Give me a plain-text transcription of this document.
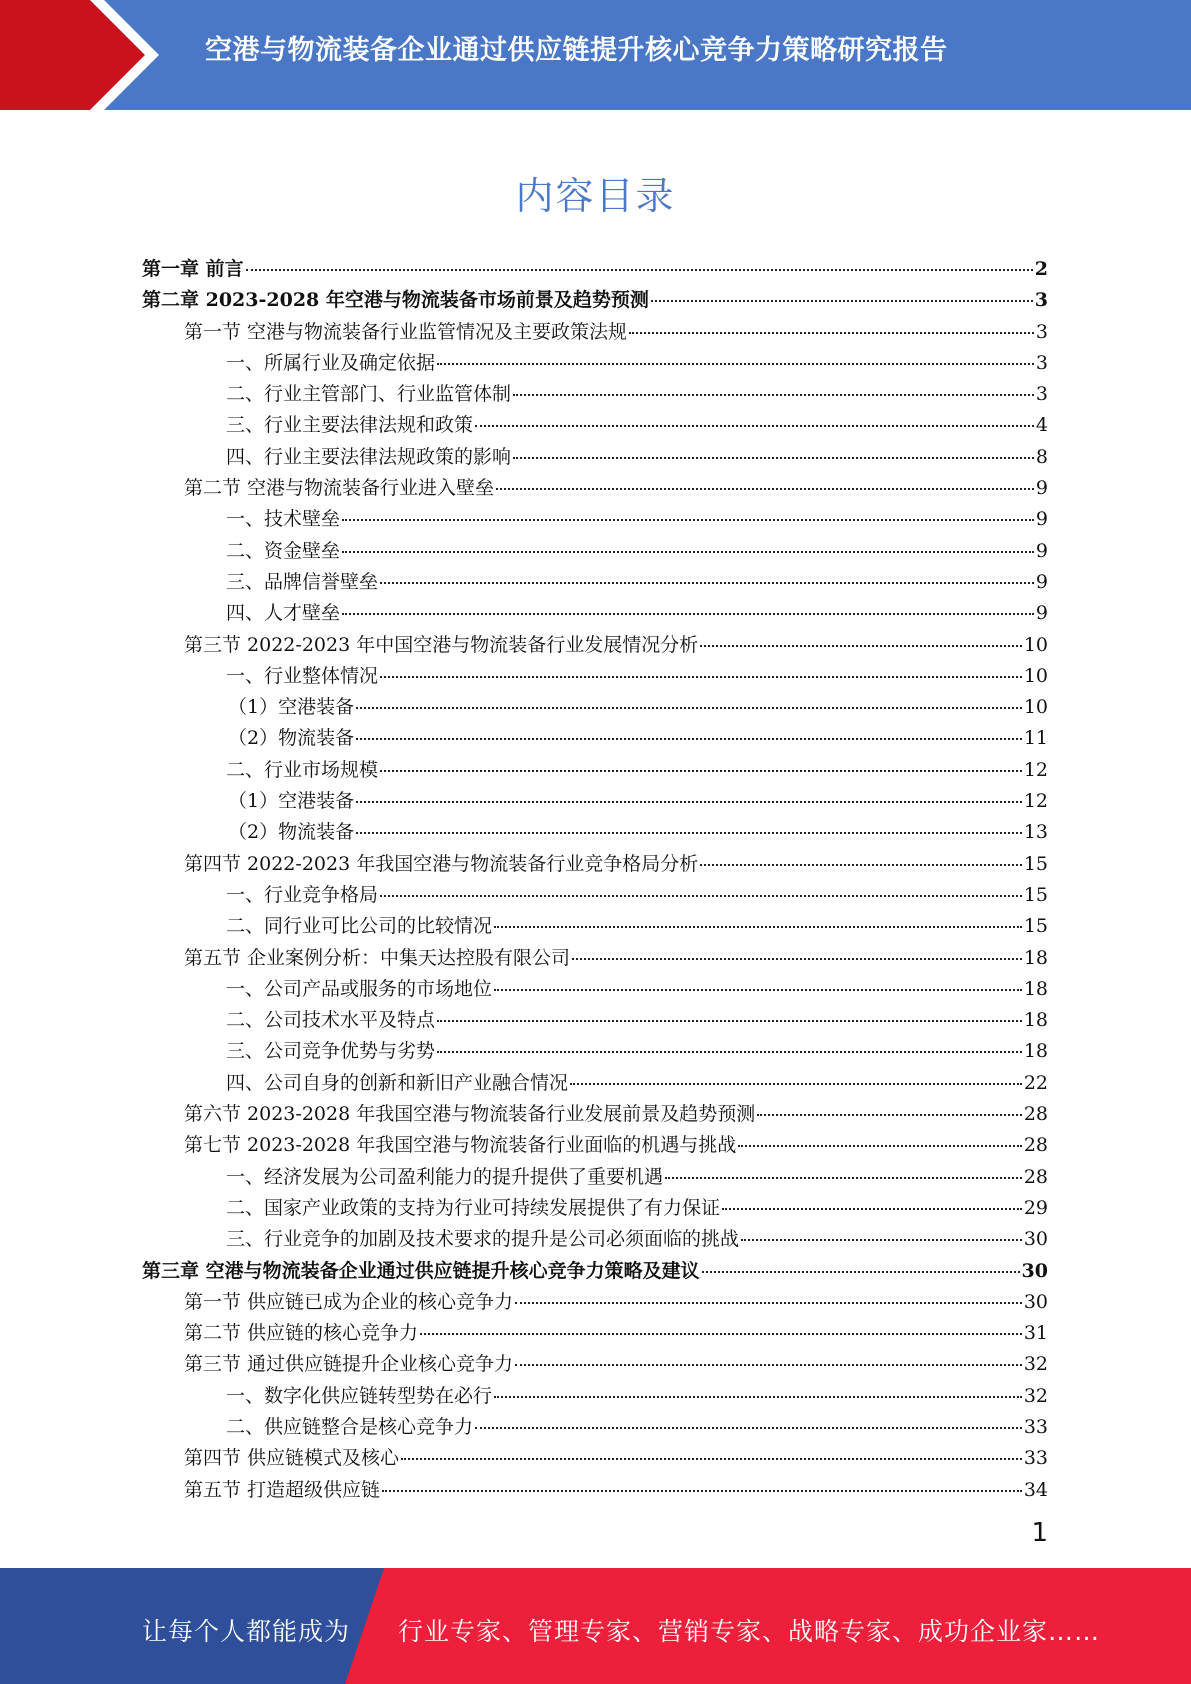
空港与物流装备企业通过供应链提升核心竞争力策略研究报告
内容目录
第一章 前言	2
第二章 2023-2028 年空港与物流装备市场前景及趋势预测	3
第一节 空港与物流装备行业监管情况及主要政策法规	3
一、所属行业及确定依据	3
二、行业主管部门、行业监管体制	3
三、行业主要法律法规和政策	4
四、行业主要法律法规政策的影响	8
第二节 空港与物流装备行业进入壁垒	9
一、技术壁垒	9
二、资金壁垒	9
三、品牌信誉壁垒	9
四、人才壁垒	9
第三节 2022-2023 年中国空港与物流装备行业发展情况分析	10
一、行业整体情况	10
（1）空港装备	10
（2）物流装备	11
二、行业市场规模	12
（1）空港装备	12
（2）物流装备	13
第四节 2022-2023 年我国空港与物流装备行业竞争格局分析	15
一、行业竞争格局	15
二、同行业可比公司的比较情况	15
第五节 企业案例分析：中集天达控股有限公司	18
一、公司产品或服务的市场地位	18
二、公司技术水平及特点	18
三、公司竞争优势与劣势	18
四、公司自身的创新和新旧产业融合情况	22
第六节 2023-2028 年我国空港与物流装备行业发展前景及趋势预测	28
第七节 2023-2028 年我国空港与物流装备行业面临的机遇与挑战	28
一、经济发展为公司盈利能力的提升提供了重要机遇	28
二、国家产业政策的支持为行业可持续发展提供了有力保证	29
三、行业竞争的加剧及技术要求的提升是公司必须面临的挑战	30
第三章 空港与物流装备企业通过供应链提升核心竞争力策略及建议	30
第一节 供应链已成为企业的核心竞争力	30
第二节 供应链的核心竞争力	31
第三节 通过供应链提升企业核心竞争力	32
一、数字化供应链转型势在必行	32
二、供应链整合是核心竞争力	33
第四节 供应链模式及核心	33
第五节 打造超级供应链	34
1
让每个人都能成为 行业专家、管理专家、营销专家、战略专家、成功企业家……
